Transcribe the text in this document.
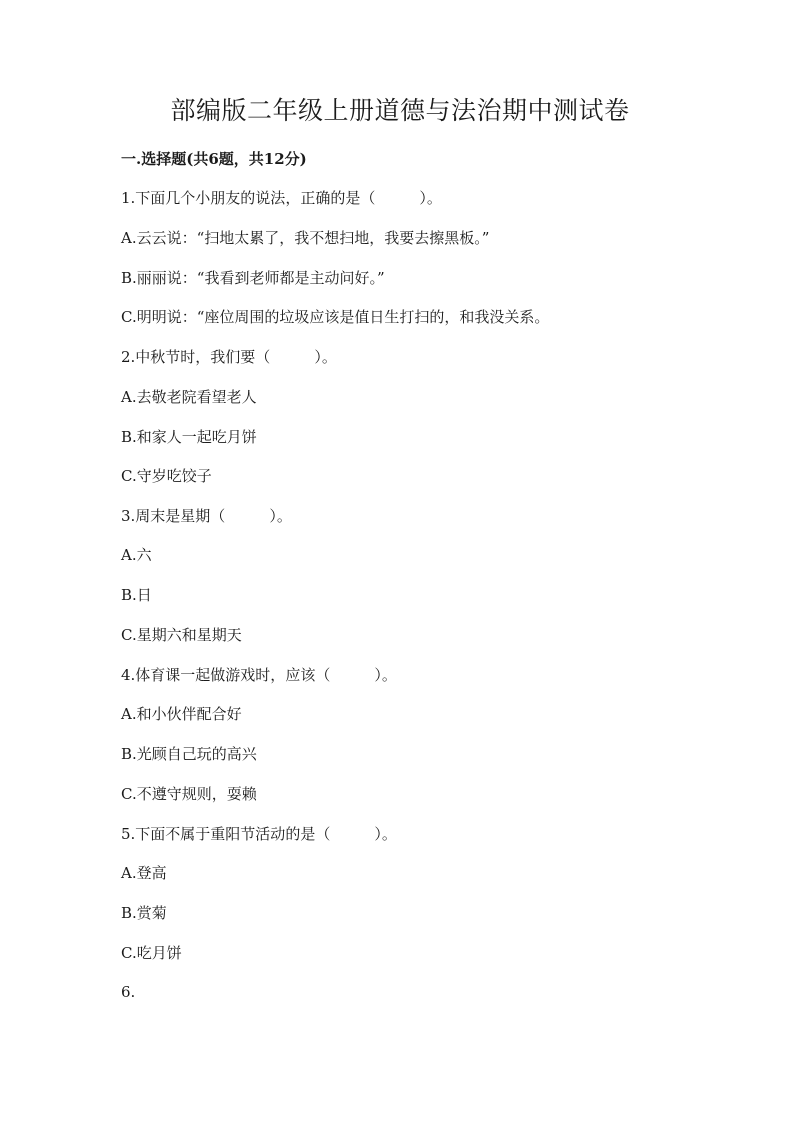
部编版二年级上册道德与法治期中测试卷
一.选择题(共6题，共12分)
1.下面几个小朋友的说法，正确的是（	）。
A.云云说：“扫地太累了，我不想扫地，我要去擦黑板。”
B.丽丽说：“我看到老师都是主动问好。”
C.明明说：“座位周围的垃圾应该是值日生打扫的，和我没关系。
2.中秋节时，我们要（	）。
A.去敬老院看望老人
B.和家人一起吃月饼
C.守岁吃饺子
3.周末是星期（	）。
A.六
B.日
C.星期六和星期天
4.体育课一起做游戏时，应该（	）。
A.和小伙伴配合好
B.光顾自己玩的高兴
C.不遵守规则，耍赖
5.下面不属于重阳节活动的是（	）。
A.登高
B.赏菊
C.吃月饼
6.
